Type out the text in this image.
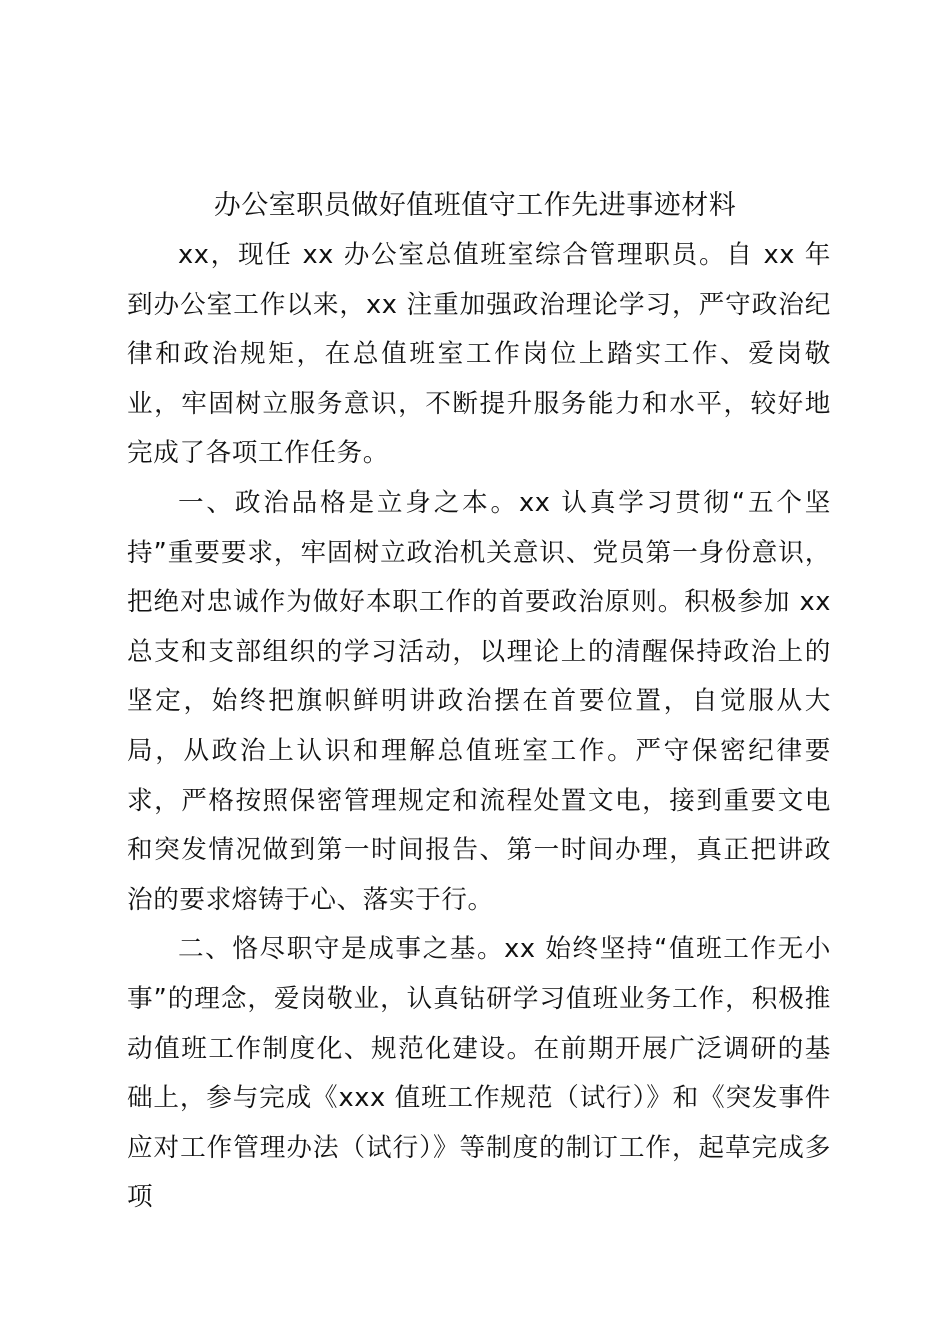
办公室职员做好值班值守工作先进事迹材料

xx，现任 xx 办公室总值班室综合管理职员。自 xx 年到办公室工作以来，xx 注重加强政治理论学习，严守政治纪律和政治规矩，在总值班室工作岗位上踏实工作、爱岗敬业，牢固树立服务意识，不断提升服务能力和水平，较好地完成了各项工作任务。

一、政治品格是立身之本。xx 认真学习贯彻“五个坚持”重要要求，牢固树立政治机关意识、党员第一身份意识，把绝对忠诚作为做好本职工作的首要政治原则。积极参加 xx 总支和支部组织的学习活动，以理论上的清醒保持政治上的坚定，始终把旗帜鲜明讲政治摆在首要位置，自觉服从大局，从政治上认识和理解总值班室工作。严守保密纪律要求，严格按照保密管理规定和流程处置文电，接到重要文电和突发情况做到第一时间报告、第一时间办理，真正把讲政治的要求熔铸于心、落实于行。

二、恪尽职守是成事之基。xx 始终坚持“值班工作无小事”的理念，爱岗敬业，认真钻研学习值班业务工作，积极推动值班工作制度化、规范化建设。在前期开展广泛调研的基础上，参与完成《xxx 值班工作规范（试行）》和《突发事件应对工作管理办法（试行）》等制度的制订工作，起草完成多项
